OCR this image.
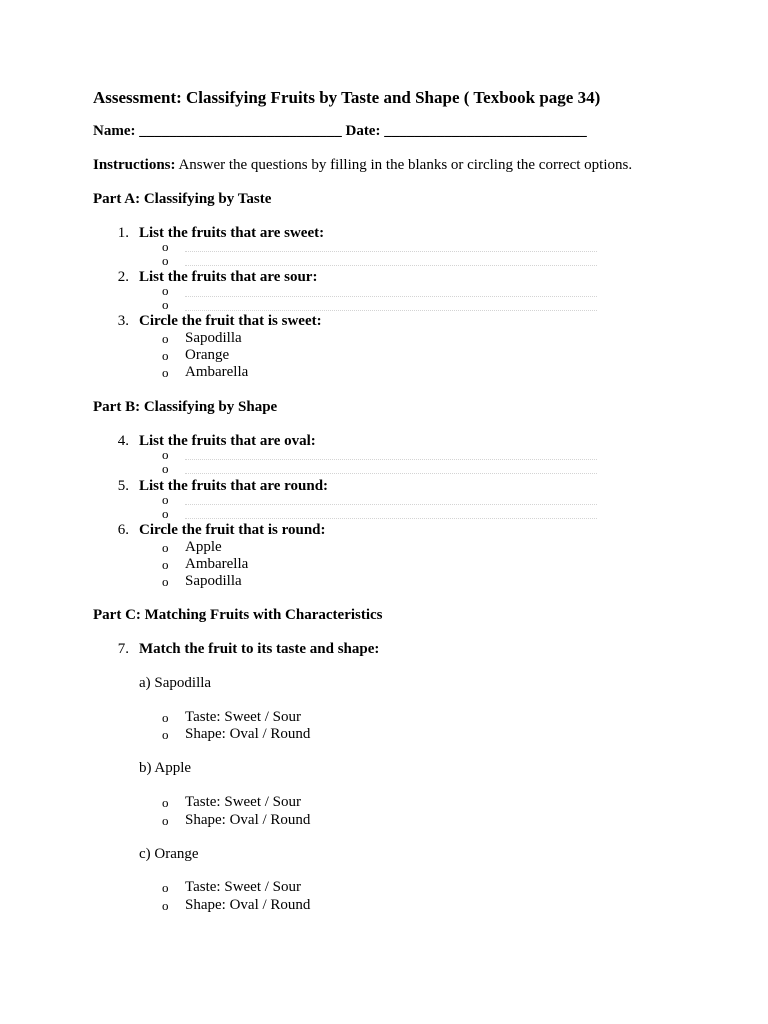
Assessment: Classifying Fruits by Taste and Shape ( Texbook page 34)
Name: ___________________________ Date: ___________________________
Instructions: Answer the questions by filling in the blanks or circling the correct options.
Part A: Classifying by Taste
1. List the fruits that are sweet:
o
o
2. List the fruits that are sour:
o
o
3. Circle the fruit that is sweet:
o Sapodilla
o Orange
o Ambarella
Part B: Classifying by Shape
4. List the fruits that are oval:
o
o
5. List the fruits that are round:
o
o
6. Circle the fruit that is round:
o Apple
o Ambarella
o Sapodilla
Part C: Matching Fruits with Characteristics
7. Match the fruit to its taste and shape:
a) Sapodilla
o Taste: Sweet / Sour
o Shape: Oval / Round
b) Apple
o Taste: Sweet / Sour
o Shape: Oval / Round
c) Orange
o Taste: Sweet / Sour
o Shape: Oval / Round
